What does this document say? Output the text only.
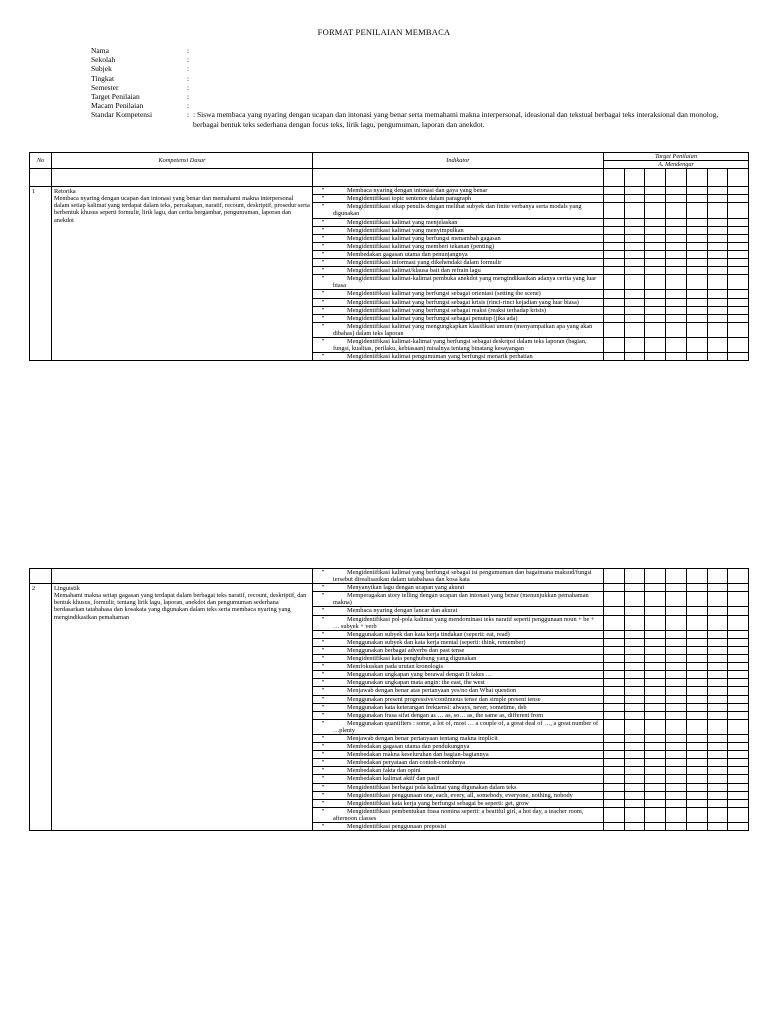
FORMAT PENILAIAN MEMBACA
Nama	:
Sekolah	:
Subjek	:
Tingkat	:
Semester	:
Target Penilaian	:
Macam Penilaian	:
Standar Kompetensi	: : Siswa membaca yang nyaring dengan ucapan dan intonasi yang benar serta memahami makna interpersonal, ideasional dan tekstual berbagai teks interaksional dan monolog, berbagai bentuk teks sederhana dengan focus teks, lirik lagu, pengumuman, laporan dan anekdot.
No	Kompetensi Dasar	Indikator	Target Penilaian						
			A. Mendengar						

1	Retorika
Membaca nyaring dengan ucapan dan intonasi yang benar dan memahami makna interpersonal dalam setiap kalimat yang terdapat dalam teks, percakapan, naratif, recount, deskriptif, prosedur serta berbentuk khusus seperti formulir, lirik lagu, dan cerita bergambar, pengumuman, laporan dan anekdot	• Membaca nyaring dengan intonasi dan gaya yang benar							

		• Mengidentifikasi topic sentence dalam paragraph							

		• Mengidentifikasi sikap penulis dengan melihat subyek dan finite verbanya serta modals yang digunakan							

		• Mengidentifikasi kalimat yang menjelaskan							

		• Mengidentifikasi kalimat yang menyimpulkan							

		• Mengidentifikasi kalimat yang berfungsi menambah gagasan							

		• Mengidentifikasi kalimat yang memberi tekanan (penting)							

		• Membedakan gagasan utama dan penunjangnya							

		• Mengidentifikasi informasi yang dikehendaki dalam formulir							

		• Mengidentifikasi kalimat/klausa bait dan refrain lagu							

		• Mengidentifikasi kalimat-kalimat pembuka anekdot yang mengindikasikan adanya cerita yang luar biasa							

		• Mengidentifikasi kalimat yang berfungsi sebagai orientasi (setting the scene)							

		• Mengidentifikasi kalimat yang berfungsi sebagai krisis (rinci-rinci kejadian yang luar biasa)							

		• Mengidentifikasi kalimat yang berfungsi sebagai reaksi (reaksi terhadap krisis)							

		• Mengidentifikasi kalimat yang berfungsi sebagai penutup (jika ada)							

		• Mengidentifikasi kalimat yang mengungkapkan klasifikasi umum (menyampaikan apa yang akan dibahas) dalam teks laporan							

		• Mengidentifikasi kalimat-kalimat yang berfungsi sebagai deskripsi dalam teks laporan (bagian, fungsi, kualitas, perilaku, kebiasaan) misalnya tentang binatang kesayangan							

		• Mengidentifikasi kalimat pengumuman yang berfungsi menarik perhatian							

		• Mengidentifikasi kalimat yang berfungsi sebagai isi pengumuman dan bagaimana maksud/fungsi tersebut direalisasikan dalam tatabahasa dan kosa kata							

2	Linguistik
Memahami makna setiap gagasan yang terdapat dalam berbagai teks naratif, recount, deskriptif, dan bentuk khusus, formulir, tentang lirik lagu, laporan, anekdot dan pengumuman sederhana berdasarkan tatabahasa dan kosakata yang digunakan dalam teks serta membaca nyaring yang mengindikasikan pemahaman	• Menyanyikan lagu dengan ucapan yang akurat							

		• Memperagakan story telling dengan ucapan dan intonasi yang benar (menunjukkan pemahaman makna)							

		• Membaca nyaring dengan lancar dan akurat							

		• Mengidentifikasi pol-pola kalimat yang mendominasi teks naratif seperti penggunaan noun + be + … subyek + verb							

		• Menggunakan subyek dan kata kerja tindakan (seperti: eat, read)							

		• Menggunakan subyek dan kata kerja mental (seperti: think, remember)							

		• Menggunakan berbagai adverbs dan past tense							

		• Mengidentifikasi kata penghubung yang digunakan							

		• Memfokuskan pada urutan kronologis							

		• Menggunakan ungkapan yang berawal dengan It takes …							

		• Menggunakan ungkapan mata angin: the east, the west							

		• Menjawab dengan benar atas pertanyaan yes/no dan What question							

		• Menggunakan present progressive/continuous tense dan simple present tense							

		• Menggunakan kata keterangan frekuensi: always, never, sometime, dsb							

		• Menggunakan frasa sifat dengan as … as, so… as, the same as, different from							

		• Menggunakan quantifiers : some, a lot of, most … a couple of, a great deal of …, a great number of …plenty							

		• Menjawab dengan benar pertanyaan tentang makna implicit							

		• Membedakan gagasan utama dan pendukungnya							

		• Membedakan makna keseluruhan dan bagian-bagiannya							

		• Membedakan peryataan dan contoh-contohnya							

		• Membedakan fakta dan opini							

		• Membedakan kalimat aktif dan pasif							

		• Mengidentifikasi berbagai pola kalimat yang digunakan dalam teks							

		• Mengidentifikasi penggunaan one, each, every, all, somebody, everyone, nothing, nobody							

		• Mengidentifikasi kata kerja yang berfungsi sebagai be seperti: get, grow							

		• Mengidentifikasi pembentukan frasa nomina seperti: a beatiful girl, a hot day, a teacher room, afternoon classes							

		• Mengidentifikasi penggunaan preposisi							
